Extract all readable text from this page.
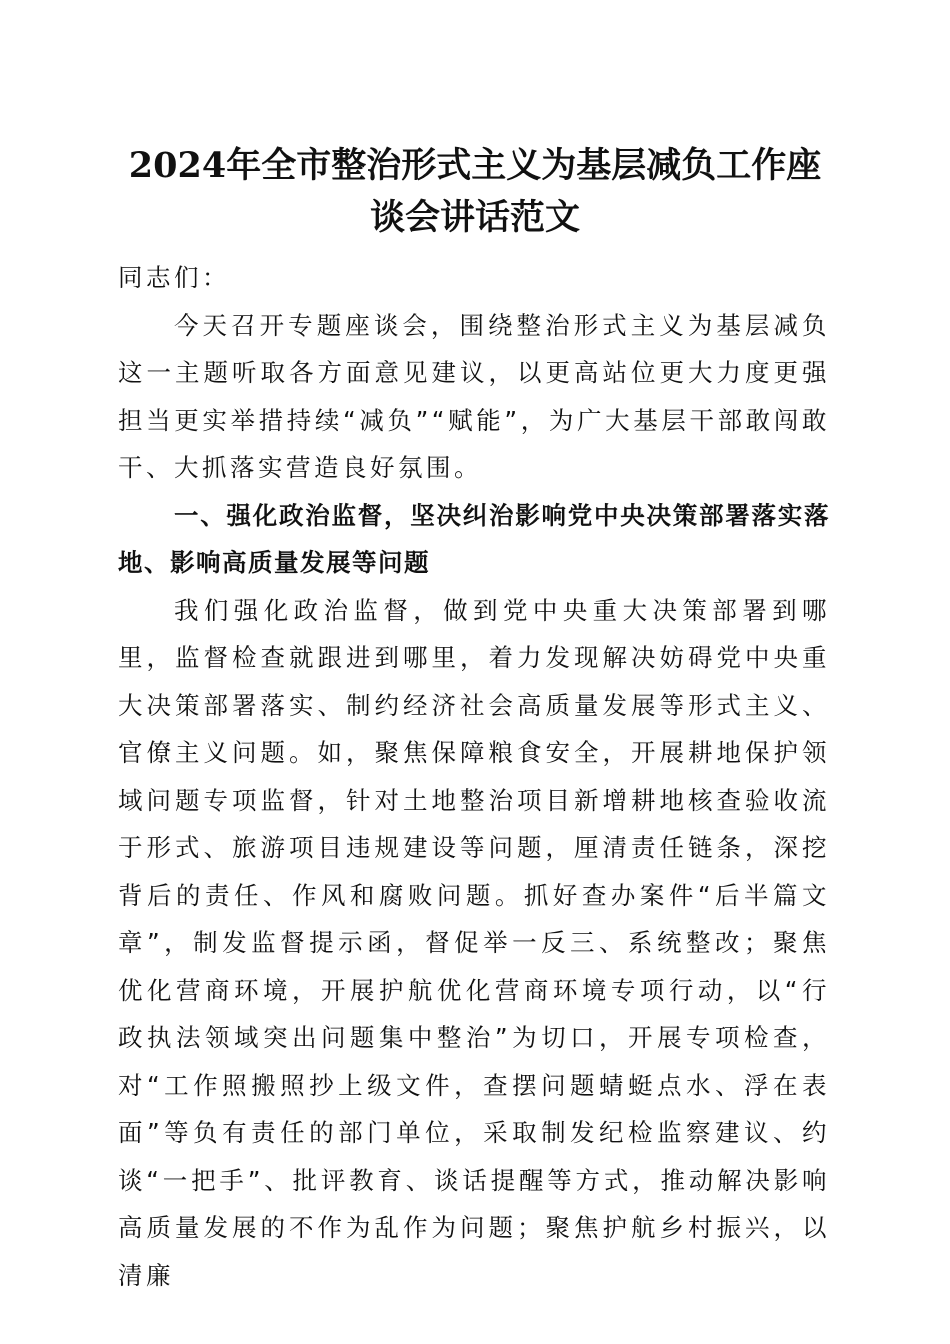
2024年全市整治形式主义为基层减负工作座
谈会讲话范文

同志们：

今天召开专题座谈会，围绕整治形式主义为基层减负这一主题听取各方面意见建议，以更高站位更大力度更强担当更实举措持续“减负”“赋能”，为广大基层干部敢闯敢干、大抓落实营造良好氛围。

一、强化政治监督，坚决纠治影响党中央决策部署落实落地、影响高质量发展等问题

我们强化政治监督，做到党中央重大决策部署到哪里，监督检查就跟进到哪里，着力发现解决妨碍党中央重大决策部署落实、制约经济社会高质量发展等形式主义、官僚主义问题。如，聚焦保障粮食安全，开展耕地保护领域问题专项监督，针对土地整治项目新增耕地核查验收流于形式、旅游项目违规建设等问题，厘清责任链条，深挖背后的责任、作风和腐败问题。抓好查办案件“后半篇文章”，制发监督提示函，督促举一反三、系统整改；聚焦优化营商环境，开展护航优化营商环境专项行动，以“行政执法领域突出问题集中整治”为切口，开展专项检查，对“工作照搬照抄上级文件，查摆问题蜻蜓点水、浮在表面”等负有责任的部门单位，采取制发纪检监察建议、约谈“一把手”、批评教育、谈话提醒等方式，推动解决影响高质量发展的不作为乱作为问题；聚焦护航乡村振兴，以清廉
